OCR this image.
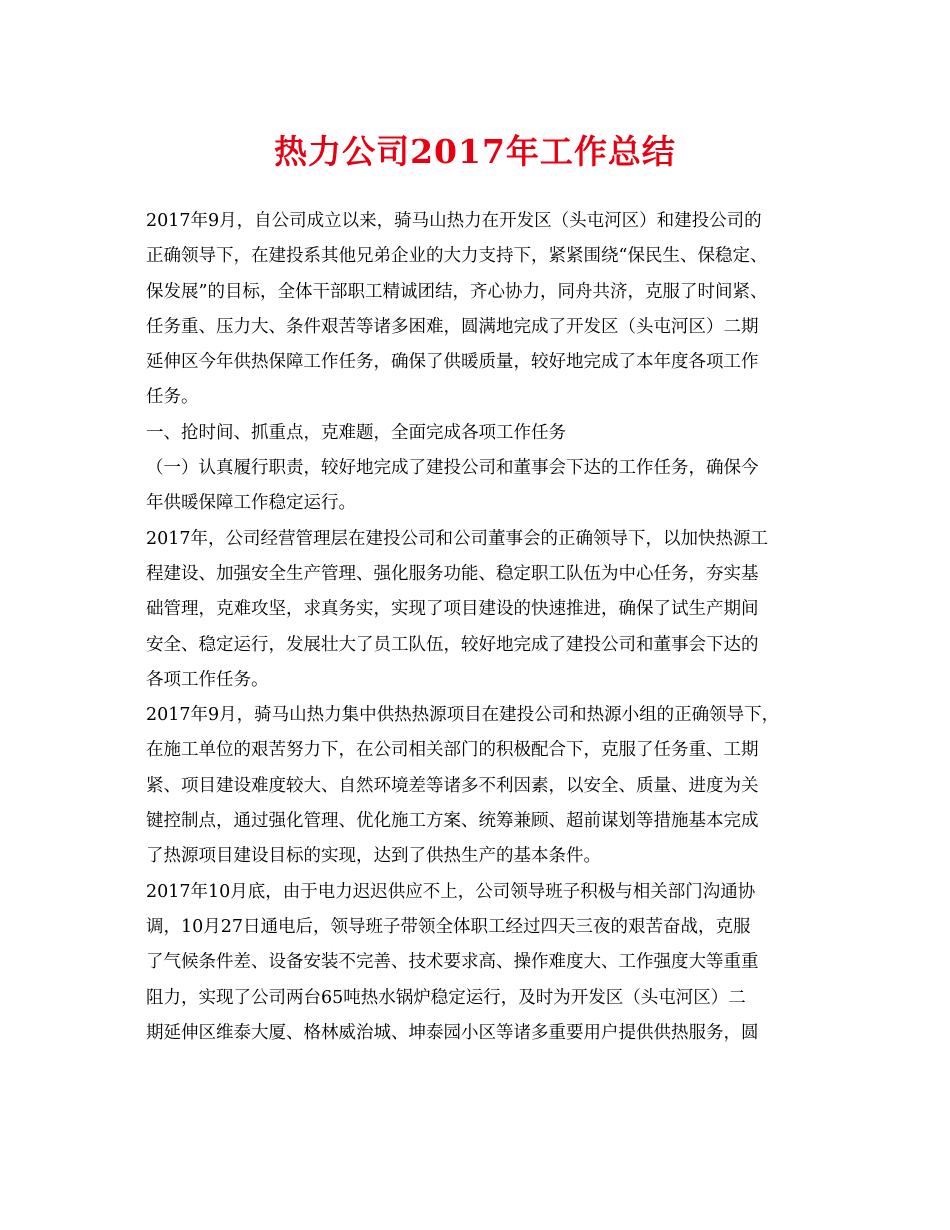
热力公司2017年工作总结
2017年9月，自公司成立以来，骑马山热力在开发区（头屯河区）和建投公司的
正确领导下，在建投系其他兄弟企业的大力支持下，紧紧围绕“保民生、保稳定、
保发展”的目标，全体干部职工精诚团结，齐心协力，同舟共济，克服了时间紧、
任务重、压力大、条件艰苦等诸多困难，圆满地完成了开发区（头屯河区）二期
延伸区今年供热保障工作任务，确保了供暖质量，较好地完成了本年度各项工作
任务。
一、抢时间、抓重点，克难题，全面完成各项工作任务
（一）认真履行职责，较好地完成了建投公司和董事会下达的工作任务，确保今
年供暖保障工作稳定运行。
2017年，公司经营管理层在建投公司和公司董事会的正确领导下，以加快热源工
程建设、加强安全生产管理、强化服务功能、稳定职工队伍为中心任务，夯实基
础管理，克难攻坚，求真务实，实现了项目建设的快速推进，确保了试生产期间
安全、稳定运行，发展壮大了员工队伍，较好地完成了建投公司和董事会下达的
各项工作任务。
2017年9月，骑马山热力集中供热热源项目在建投公司和热源小组的正确领导下，
在施工单位的艰苦努力下，在公司相关部门的积极配合下，克服了任务重、工期
紧、项目建设难度较大、自然环境差等诸多不利因素，以安全、质量、进度为关
键控制点，通过强化管理、优化施工方案、统筹兼顾、超前谋划等措施基本完成
了热源项目建设目标的实现，达到了供热生产的基本条件。
2017年10月底，由于电力迟迟供应不上，公司领导班子积极与相关部门沟通协
调，10月27日通电后，领导班子带领全体职工经过四天三夜的艰苦奋战，克服
了气候条件差、设备安装不完善、技术要求高、操作难度大、工作强度大等重重
阻力，实现了公司两台65吨热水锅炉稳定运行，及时为开发区（头屯河区）二
期延伸区维泰大厦、格林威治城、坤泰园小区等诸多重要用户提供供热服务，圆
